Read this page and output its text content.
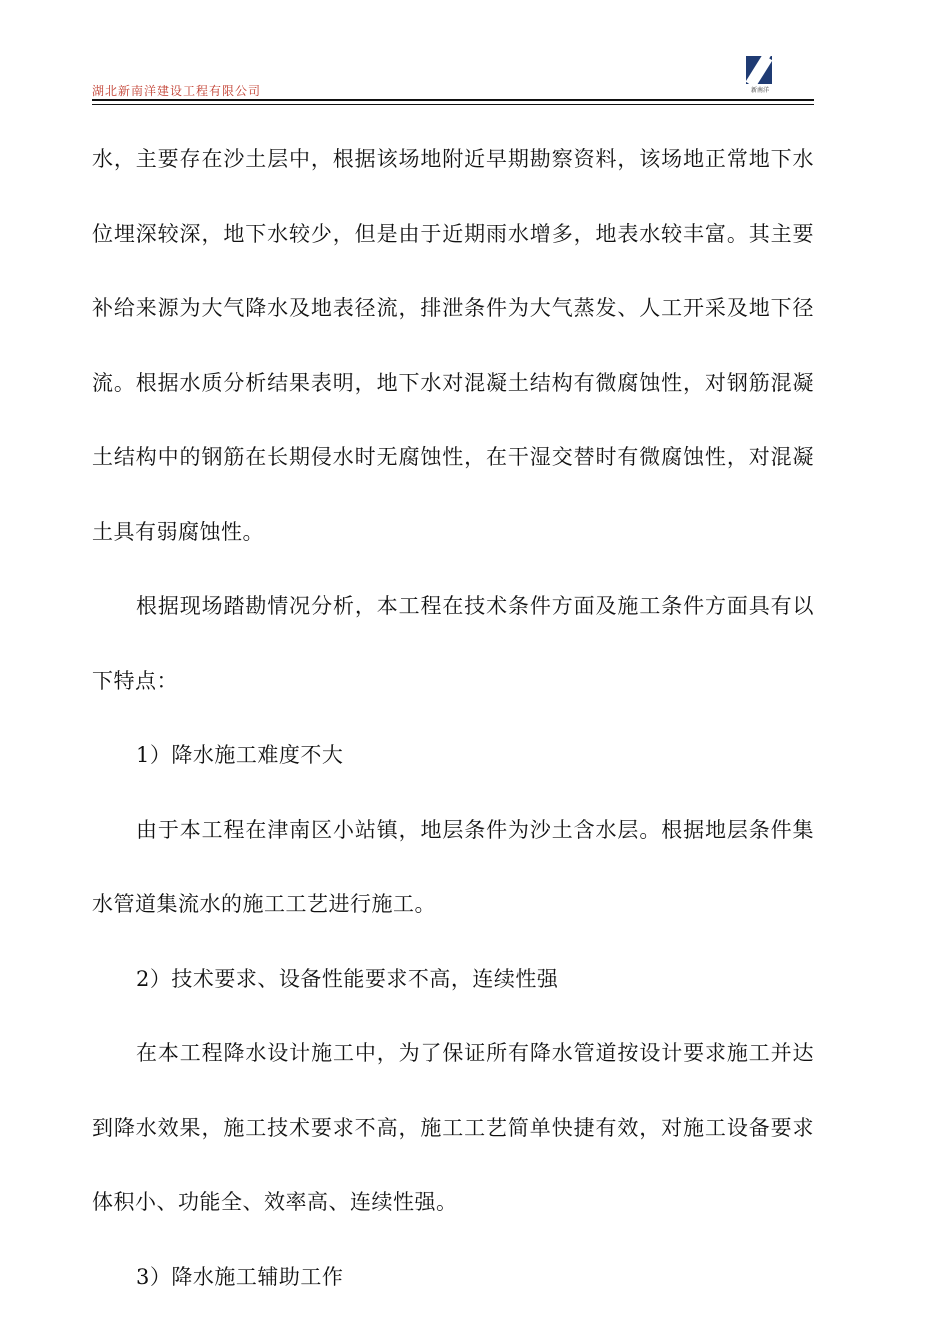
湖北新南洋建设工程有限公司	新南洋

水，主要存在沙土层中，根据该场地附近早期勘察资料，该场地正常地下水位埋深较深，地下水较少，但是由于近期雨水增多，地表水较丰富。其主要补给来源为大气降水及地表径流，排泄条件为大气蒸发、人工开采及地下径流。根据水质分析结果表明，地下水对混凝土结构有微腐蚀性，对钢筋混凝土结构中的钢筋在长期侵水时无腐蚀性，在干湿交替时有微腐蚀性，对混凝土具有弱腐蚀性。

根据现场踏勘情况分析，本工程在技术条件方面及施工条件方面具有以下特点：

1）降水施工难度不大

由于本工程在津南区小站镇，地层条件为沙土含水层。根据地层条件集水管道集流水的施工工艺进行施工。

2）技术要求、设备性能要求不高，连续性强

在本工程降水设计施工中，为了保证所有降水管道按设计要求施工并达到降水效果，施工技术要求不高，施工工艺简单快捷有效，对施工设备要求体积小、功能全、效率高、连续性强。

3）降水施工辅助工作
